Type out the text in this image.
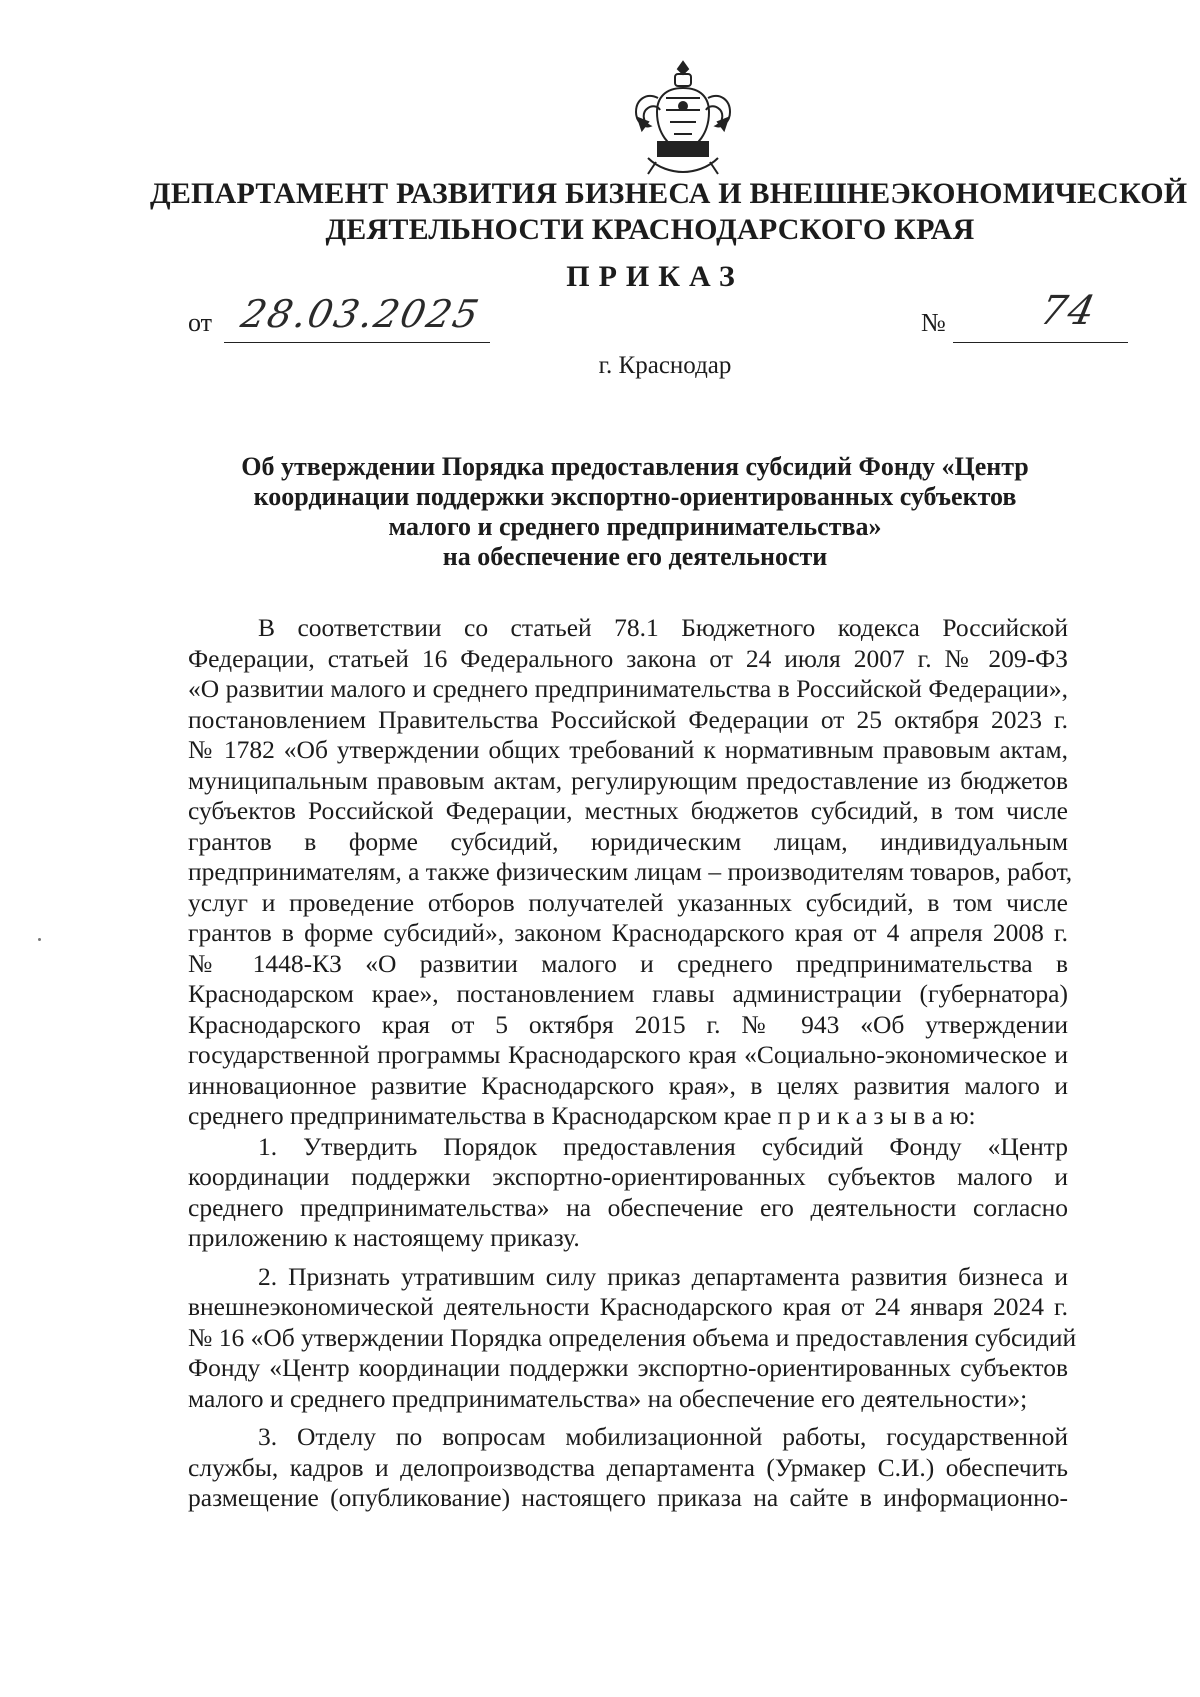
ДЕПАРТАМЕНТ РАЗВИТИЯ БИЗНЕСА И ВНЕШНЕЭКОНОМИЧЕСКОЙ
ДЕЯТЕЛЬНОСТИ КРАСНОДАРСКОГО КРАЯ
ПРИКАЗ
от 28.03.2025	№ 74
г. Краснодар
Об утверждении Порядка предоставления субсидий Фонду «Центр
координации поддержки экспортно-ориентированных субъектов
малого и среднего предпринимательства»
на обеспечение его деятельности
В соответствии со статьей 78.1 Бюджетного кодекса Российской
Федерации, статьей 16 Федерального закона от 24 июля 2007 г. № 209-ФЗ
«О развитии малого и среднего предпринимательства в Российской Федерации»,
постановлением Правительства Российской Федерации от 25 октября 2023 г.
№ 1782 «Об утверждении общих требований к нормативным правовым актам,
муниципальным правовым актам, регулирующим предоставление из бюджетов
субъектов Российской Федерации, местных бюджетов субсидий, в том числе
грантов в форме субсидий, юридическим лицам, индивидуальным
предпринимателям, а также физическим лицам – производителям товаров, работ,
услуг и проведение отборов получателей указанных субсидий, в том числе
грантов в форме субсидий», законом Краснодарского края от 4 апреля 2008 г.
№ 1448-КЗ «О развитии малого и среднего предпринимательства в
Краснодарском крае», постановлением главы администрации (губернатора)
Краснодарского края от 5 октября 2015 г. № 943 «Об утверждении
государственной программы Краснодарского края «Социально-экономическое и
инновационное развитие Краснодарского края», в целях развития малого и
среднего предпринимательства в Краснодарском крае п р и к а з ы в а ю:
1. Утвердить Порядок предоставления субсидий Фонду «Центр
координации поддержки экспортно-ориентированных субъектов малого и
среднего предпринимательства» на обеспечение его деятельности согласно
приложению к настоящему приказу.
2. Признать утратившим силу приказ департамента развития бизнеса и
внешнеэкономической деятельности Краснодарского края от 24 января 2024 г.
№ 16 «Об утверждении Порядка определения объема и предоставления субсидий
Фонду «Центр координации поддержки экспортно-ориентированных субъектов
малого и среднего предпринимательства» на обеспечение его деятельности»;
3. Отделу по вопросам мобилизационной работы, государственной
службы, кадров и делопроизводства департамента (Урмакер С.И.) обеспечить
размещение (опубликование) настоящего приказа на сайте в информационно-
